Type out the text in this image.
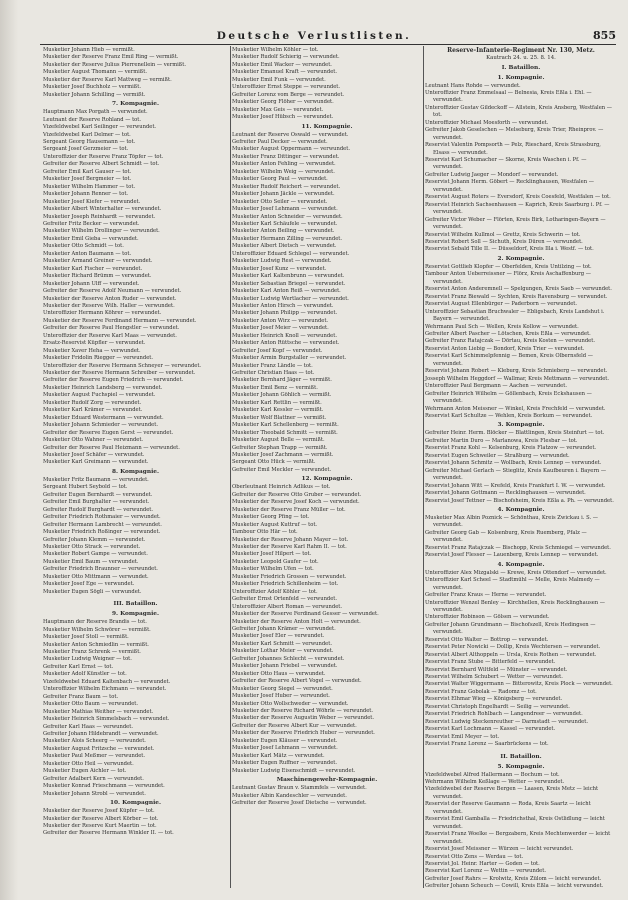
Deutsche Verlustlisten.	855
Musketier Johann Hieb — vermißt.
Musketier der Reserve Franz Emil Ring — vermißt.
Musketier der Reserve Julius Pierrenellein — vermißt.
Musketier August Thomann — vermißt.
Musketier der Reserve Karl Mattweg — vermißt.
Musketier Josef Buchholz — vermißt.
Musketier Johann Schilling — vermißt.
7. Kompagnie.
Hauptmann Max Porgath — verwundet.
Leutnant der Reserve Rohland — tot.
Vizefeldwebel Karl Seilinger — verwundet.
Vizefeldwebel Karl Delmer — tot.
Sergeant Georg Hausemann — tot.
Sergeant Josef Gerzmeier — tot.
Unteroffizier der Reserve Franz Töpfer — tot.
Gefreiter der Reserve Albert Schmidt — tot.
Gefreiter Emil Karl Gauser — tot.
Musketier Josef Bergmeier — tot.
Musketier Wilhelm Hammer — tot.
Musketier Johann Renner — tot.
Musketier Josef Kiefer — verwundet.
Musketier Albert Winterhalter — verwundet.
Musketier Joseph Reinhardt — verwundet.
Gefreiter Fritz Becker — verwundet.
Musketier Wilhelm Drollinger — verwundet.
Musketier Emil Gieba — verwundet.
Musketier Otto Schmidt — tot.
Musketier Anton Baumann — tot.
Musketier Armand Greiner — verwundet.
Musketier Karl Fischer — verwundet.
Musketier Richard Brümm — verwundet.
Musketier Johann Ulff — verwundet.
Gefreiter der Reserve Adolf Neumann — verwundet.
Musketier der Reserve Anton Ruder — verwundet.
Musketier der Reserve Wilh. Haller — verwundet.
Unteroffizier Hermann Köhrer — verwundet.
Musketier der Reserve Ferdinand Hermann — verwundet.
Gefreiter der Reserve Paul Hengstler — verwundet.
Unteroffizier der Reserve Karl Maas — verwundet.
Ersatz-Reservist Küpfler — verwundet.
Musketier Xaver Heha — verwundet.
Musketier Fridolin Riegger — verwundet.
Unteroffizier der Reserve Hermann Schneyer — verwundet.
Musketier der Reserve Hermann Schreiber — verwundet.
Gefreiter der Reserve Eugen Friedrich — verwundet.
Musketier Heinrich Landsberg — verwundet.
Musketier August Fuchspiel — verwundet.
Musketier Rudolf Zorg — verwundet.
Musketier Karl Krämer — verwundet.
Musketier Eduard Westermann — verwundet.
Musketier Johann Schmieder — verwundet.
Gefreiter der Reserve Eugen Gerst — verwundet.
Musketier Otto Wahner — verwundet.
Gefreiter der Reserve Paul Heizmann — verwundet.
Musketier Josef Schäfer — verwundet.
Musketier Karl Greimann — verwundet.
8. Kompagnie.
Musketier Fritz Baumann — verwundet.
Sergeant Hubert Seybold — tot.
Gefreiter Eugen Bernhardt — verwundet.
Gefreiter Emil Burghalter — verwundet.
Gefreiter Rudolf Burghardt — verwundet.
Gefreiter Friedrich Rothmaier — verwundet.
Gefreiter Hermann Lambrecht — verwundet.
Musketier Friedrich Roßinger — verwundet.
Gefreiter Johann Klemm — verwundet.
Musketier Otto Strack — verwundet.
Musketier Robert Gampe — verwundet.
Musketier Emil Baum — verwundet.
Gefreiter Friedrich Braunner — verwundet.
Musketier Otto Mittmann — verwundet.
Musketier Josef Ege — verwundet.
Musketier Eugen Sögli — verwundet.
III. Bataillon.
9. Kompagnie.
Hauptmann der Reserve Brandis — tot.
Musketier Wilhelm Schwörer — vermißt.
Musketier Josef Stoll — vermißt.
Musketier Anton Schmiedlin — vermißt.
Musketier Franz Schrenk — vermißt.
Musketier Ludwig Weigner — tot.
Gefreiter Karl Ernst — tot.
Musketier Adolf Künstler — tot.
Vizefeldwebel Eduard Kaltenbach — verwundet.
Unteroffizier Wilhelm Eichmann — verwundet.
Gefreiter Franz Baum — tot.
Musketier Otto Baum — verwundet.
Musketier Mathias Weither — verwundet.
Musketier Heinrich Simmelsbach — verwundet.
Gefreiter Karl Haas — verwundet.
Gefreiter Johann Hildebrandt — verwundet.
Musketier Alois Scheerg — verwundet.
Musketier August Fritzsche — verwundet.
Musketier Paul Meßmer — verwundet.
Musketier Otto Heil — verwundet.
Musketier Eugen Aichler — tot.
Gefreiter Adalbert Kern — verwundet.
Musketier Konrad Frieschmann — verwundet.
Musketier Johann Strobl — verwundet.
10. Kompagnie.
Musketier der Reserve Josef Küpfer — tot.
Musketier der Reserve Albert Körber — tot.
Musketier der Reserve Kurt Maertin — tot.
Gefreiter der Reserve Hermann Winkler II. — tot.
Musketier Wilhelm Köhler — tot.
Musketier Rudolf Schierig — verwundet.
Musketier Emil Wacker — verwundet.
Musketier Emanuel Kraft — verwundet.
Musketier Emil Funk — verwundet.
Unteroffizier Ernst Steppe — verwundet.
Gefreiter Lorenz vom Berge — verwundet.
Musketier Georg Flöher — verwundet.
Musketier Max Geis — verwundet.
Musketier Josef Hübsch — verwundet.
11. Kompagnie.
Leutnant der Reserve Oswald — verwundet.
Gefreiter Paul Decker — verwundet.
Musketier August Oppermann — verwundet.
Musketier Franz Dittinger — verwundet.
Musketier Anton Fehling — verwundet.
Musketier Wilhelm Weig — verwundet.
Musketier Georg Paul — verwundet.
Musketier Rudolf Reichert — verwundet.
Musketier Johann Jäckle — verwundet.
Musketier Otto Seiler — verwundet.
Musketier Josef Lehmann — verwundet.
Musketier Anton Schneider — verwundet.
Musketier Karl Schäufele — verwundet.
Musketier Anton Beiling — verwundet.
Musketier Hermann Zilling — verwundet.
Musketier Albert Dietsch — verwundet.
Unteroffizier Eduard Schlegel — verwundet.
Musketier Ludwig Rest — verwundet.
Musketier Josef Kunz — verwundet.
Musketier Karl Kaltenbrunn — verwundet.
Musketier Sebastian Briegel — verwundet.
Musketier Karl Anton Reiß — verwundet.
Musketier Ludwig Wertlacher — verwundet.
Musketier Anton Hirsch — verwundet.
Musketier Johann Philipp — verwundet.
Musketier Anton Wirz — verwundet.
Musketier Josef Meier — verwundet.
Musketier Heinrich Knoll — verwundet.
Musketier Anton Rüttsche — verwundet.
Gefreiter Josef Kopf — verwundet.
Musketier Armin Burgstaller — verwundet.
Musketier Franz Ländle — tot.
Gefreiter Christian Haas — tot.
Musketier Bernhard Jäger — vermißt.
Musketier Emil Benz — vermißt.
Musketier Johann Göhlich — vermißt.
Musketier Karl Rettlin — vermißt.
Musketier Karl Kessler — vermißt.
Musketier Wolf Blattner — vermißt.
Musketier Karl Schellenberg — vermißt.
Musketier Theobald Schmitt — vermißt.
Musketier August Belle — vermißt.
Gefreiter Stephan Trapp — vermißt.
Musketier Josef Zachmann — vermißt.
Sergeant Otto Hück — vermißt.
Gefreiter Emil Meckler — verwundet.
12. Kompagnie.
Oberleutnant Heinrich Adlikus — tot.
Gefreiter der Reserve Otto Gruber — verwundet.
Musketier der Reserve Josef Koch — verwundet.
Musketier der Reserve Franz Müller — tot.
Musketier Georg Pfing — tot.
Musketier August Kuttruf — tot.
Tambour Otto Här — tot.
Musketier der Reserve Johann Mayer — tot.
Musketier der Reserve Karl Rahm II. — tot.
Musketier Josef Hilpert — tot.
Musketier Leopold Gaufer — tot.
Musketier Wilhelm Ufen — tot.
Musketier Friedrich Grossen — verwundet.
Musketier Friedrich Schillenheim — tot.
Unteroffizier Adolf Köhler — tot.
Gefreiter Ernst Ortenfeld — verwundet.
Unteroffizier Albert Roman — verwundet.
Musketier der Reserve Ferdinand Gesser — verwundet.
Musketier der Reserve Anton Holt — verwundet.
Gefreiter Johann Krämer — verwundet.
Musketier Josef Eler — verwundet.
Musketier Karl Schmitt — verwundet.
Musketier Lothar Meier — verwundet.
Gefreiter Johannes Schlecht — verwundet.
Musketier Johann Friebel — verwundet.
Musketier Otto Haus — verwundet.
Gefreiter der Reserve Albert Vogel — verwundet.
Musketier Georg Siegel — verwundet.
Musketier Josef Huber — verwundet.
Musketier Otto Wollschweder — verwundet.
Musketier der Reserve Richard Wöhrle — verwundet.
Musketier der Reserve Augustin Weber — verwundet.
Gefreiter der Reserve Albert Kur — verwundet.
Musketier der Reserve Friedrich Huber — verwundet.
Musketier Eugen Kläuser — verwundet.
Musketier Josef Lehmann — verwundet.
Musketier Karl Mätz — verwundet.
Musketier Eugen Ruffner — verwundet.
Musketier Ludwig Eisenschmidt — verwundet.
Maschinengewehr-Kompagnie.
Leutnant Gustav Braun v. Stammfels — verwundet.
Musketier Albin Kandeschler — verwundet.
Gefreiter der Reserve Josef Dietsche — verwundet.
Reserve-Infanterie-Regiment Nr. 130, Metz.
Kautrach 24. u. 25. 8. 14.
I. Bataillon.
1. Kompagnie.
Leutnant Hans Rohde — verwundet.
Unteroffizier Franz Emmelsaal — Belnesia, Kreis Eßla i. Ehl. — verwundet.
Unteroffizier Gustav Gildeckoff — Allstein, Kreis Ansberg, Westfalen — tot.
Unteroffizier Michael Moesforth — verwundet.
Gefreiter Jakob Geselschen — Melseburg, Kreis Trier, Rheinprov. — verwundet.
Reservist Valentin Pompsorth — Pelz, Rieschard, Kreis Strassburg, Elsass — verwundet.
Reservist Karl Schumacher — Skorne, Kreis Waschen i. Pf. — verwundet.
Gefreiter Ludwig Jaeger — Mondorf — verwundet.
Reservist Johann Herm. Göbert — Recklinghausen, Westfalen — verwundet.
Reservist August Roters — Eversdorf, Kreis Coesfeld, Westfalen — tot.
Reservist Heinrich Sachsenhausen — Kaprich, Kreis Saarburg i. Pf. — verwundet.
Gefreiter Victor Weber — Flörten, Kreis Birk, Lotharingen-Bayern — verwundet.
Reservist Wilhelm Kullmol — Grettz, Kreis Schwerin — tot.
Reservist Robert Soll — Sichuth, Kreis Düren — verwundet.
Reservist Sebald Tille II. — Düsseldorf, Kreis Illa i. Westf. — tot.
2. Kompagnie.
Reservist Gottlieb Klopfer — Oberfelden, Kreis Untilzing — tot.
Tambour Anton Ueberreissner — Flörz, Kreis Aschaffenburg — verwundet.
Reservist Anton Anderemnell — Spelgungen, Kreis Saeb — verwundet.
Reservist Franz Biewald — Sychten, Kreis Ravensburg — verwundet.
Reservist August Ellenbürger — Paderborn — verwundet.
Unteroffizier Sebastian Bruchwaler — Ebligsbach, Kreis Landshut i. Bayern — verwundet.
Wehrmann Paul Sch — Wellen, Kreis Kollow — verwundet.
Gefreiter Albert Pascher — Lötschen, Kreis Eßla — verwundet.
Gefreiter Franz Ratajczak — Dörtau, Kreis Kosten — verwundet.
Reservist Anton Liebig — Bondorf, Kreis Trier — verwundet.
Reservist Karl Schimmelpfennig — Bemen, Kreis Olbernsfeld — verwundet.
Reservist Johann Robert — Kleburg, Kreis Schmieberg — verwundet.
Josseph Wilhelm Heggdorf — Wallmar, Kreis Mettmann — verwundet.
Unteroffizier Paul Bergmann — Aachen — verwundet.
Gefreiter Heinrich Wilhelm — Göllenbach, Kreis Eckshausen — verwundet.
Wehrmann Anton Meissner — Winkel, Kreis Frechfeld — verwundet.
Reservist Karl Schultze — Wehlen, Kreis Borkum — verwundet.
3. Kompagnie.
Gefreiter Heinr. Herm. Blöcker — Blattlingen, Kreis Steinfurt — tot.
Gefreiter Martin Duro — Marlanowa, Kreis Flesbar — tot.
Reservist Franz Kohl — Kelsenburg, Kreis Flatzow — verwundet.
Reservist Eugen Schweiler — Straßburg — verwundet.
Reservist Johann Schmitz — Wollbach, Kreis Lennep — verwundet.
Gefreiter Michael Gerlach — Stieglitz, Kreis Kaufbeuren i. Bayern — verwundet.
Reservist Johann Witt — Krefeld, Kreis Frankfurt I. W. — verwundet.
Reservist Johann Gottmann — Recklinghausen — verwundet.
Reservist Josef Tettner — Bischofsheim, Kreis Eßla a. Ph. — verwundet.
4. Kompagnie.
Musketier Max Albin Poznick — Schönthau, Kreis Zwickau i. S. — verwundet.
Gefreiter Georg Gab — Kolsenburg, Kreis Ruemberg, Pfalz — verwundet.
Reservist Franz Ratajczak — Bischopp, Kreis Schmiegel — verwundet.
Reservist Josef Flesser — Lauenberg, Kreis Lennep — verwundet.
4. Kompagnie.
Unteroffizier Alex Mizgalski — Krewe, Kreis Ottendorf — verwundet.
Unteroffizier Karl Scheel — Stadtmühl — Melle, Kreis Malmedy — verwundet.
Gefreiter Franz Kraus — Herne — verwundet.
Unteroffizier Wenzel Benley — Kirchhellen, Kreis Recklinghausen — verwundet.
Unteroffizier Robinson — Gölsen — verwundet.
Gefreiter Johann Grundmann — Bischofszell, Kreis Hedingsen — verwundet.
Reservist Otto Walter — Bottrop — verwundet.
Reservist Peter Nowicki — Dollip, Kreis Wechtersen — verwundet.
Reservist Albert Althoppeln — Ursla, Kreis Rothen — verwundet.
Reservist Franz Stube — Bitterfeld — verwundet.
Reservist Bernhard Wiltfeld — Münster — verwundet.
Reservist Wilhelm Schubert — Wetter — verwundet.
Reservist Walter Wiggermann — Bitterowitz, Kreis Plock — verwundet.
Reservist Franz Gobolak — Radomz — tot.
Reservist Elhmar Wieg — Königsberg — verwundet.
Reservist Christoph Engelhardt — Seilig — verwundet.
Reservist Friedrich Rohlbach — Langendreer — verwundet.
Reservist Ludwig Steckenreuther — Darmstadt — verwundet.
Reservist Karl Lochmann — Kassel — verwundet.
Reservist Emil Meyer — tot.
Reservist Franz Lorenz — Saarbrückens — tot.
II. Bataillon.
5. Kompagnie.
Vizefeldwebel Alfred Hallermann — Bochum — tot.
Wehrmann Wilhelm Keßlage — Wetter — verwundet.
Vizefeldwebel der Reserve Bergen — Laasen, Kreis Metz — leicht verwundet.
Reservist der Reserve Gaumann — Roda, Kreis Saartz — leicht verwundet.
Reservist Emil Gamballa — Friedrichsthal, Kreis Ostlidlung — leicht verwundet.
Reservist Franz Woelke — Bergzabern, Kreis Mechtenwerder — leicht verwundet.
Reservist Josef Meissner — Würzen — leicht verwundet.
Reservist Otto Zens — Werdau — tot.
Reservist Jol. Heinr. Harter — Goden — tot.
Reservist Karl Lorenz — Wettin — verwundet.
Gefreiter Josef Rahrs — Krolwitz, Kreis Zülom — leicht verwundet.
Gefreiter Johann Scheuch — Cowill, Kreis Eßla — leicht verwundet.
